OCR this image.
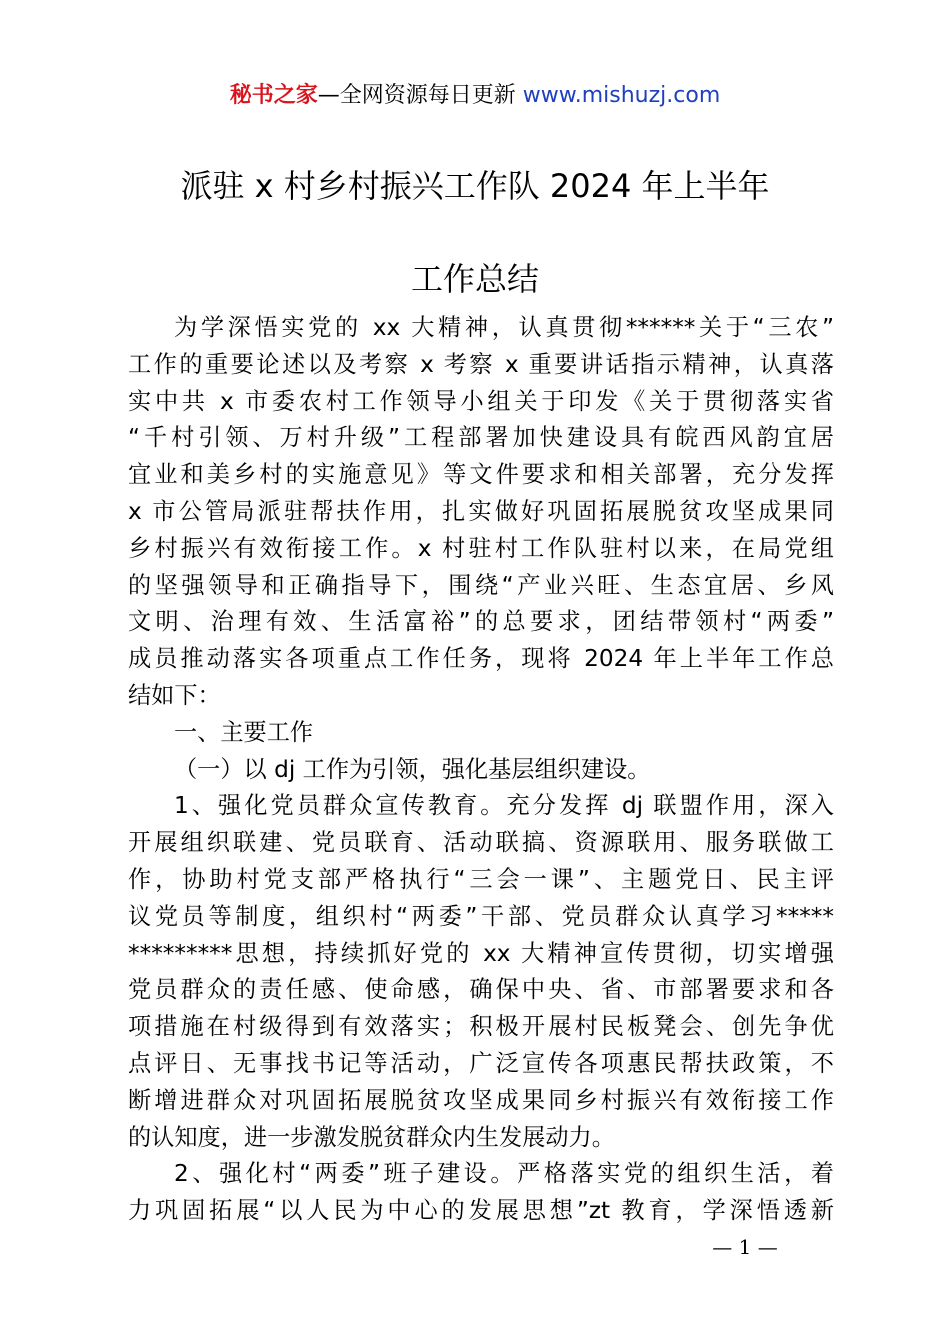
秘书之家—全网资源每日更新 www.mishuzj.com
派驻 x 村乡村振兴工作队 2024 年上半年
工作总结
为学深悟实党的 xx 大精神，认真贯彻******关于“三农”
工作的重要论述以及考察 x 考察 x 重要讲话指示精神，认真落
实中共 x 市委农村工作领导小组关于印发《关于贯彻落实省
“千村引领、万村升级”工程部署加快建设具有皖西风韵宜居
宜业和美乡村的实施意见》等文件要求和相关部署，充分发挥
x 市公管局派驻帮扶作用，扎实做好巩固拓展脱贫攻坚成果同
乡村振兴有效衔接工作。x 村驻村工作队驻村以来，在局党组
的坚强领导和正确指导下，围绕“产业兴旺、生态宜居、乡风
文明、治理有效、生活富裕”的总要求，团结带领村“两委”
成员推动落实各项重点工作任务，现将 2024 年上半年工作总
结如下：
一、主要工作
（一）以 dj 工作为引领，强化基层组织建设。
1、强化党员群众宣传教育。充分发挥 dj 联盟作用，深入
开展组织联建、党员联育、活动联搞、资源联用、服务联做工
作，协助村党支部严格执行“三会一课”、主题党日、民主评
议党员等制度，组织村“两委”干部、党员群众认真学习*****
*********思想，持续抓好党的 xx 大精神宣传贯彻，切实增强
党员群众的责任感、使命感，确保中央、省、市部署要求和各
项措施在村级得到有效落实；积极开展村民板凳会、创先争优
点评日、无事找书记等活动，广泛宣传各项惠民帮扶政策，不
断增进群众对巩固拓展脱贫攻坚成果同乡村振兴有效衔接工作
的认知度，进一步激发脱贫群众内生发展动力。
2、强化村“两委”班子建设。严格落实党的组织生活，着
力巩固拓展“以人民为中心的发展思想”zt 教育，学深悟透新
— 1 —
